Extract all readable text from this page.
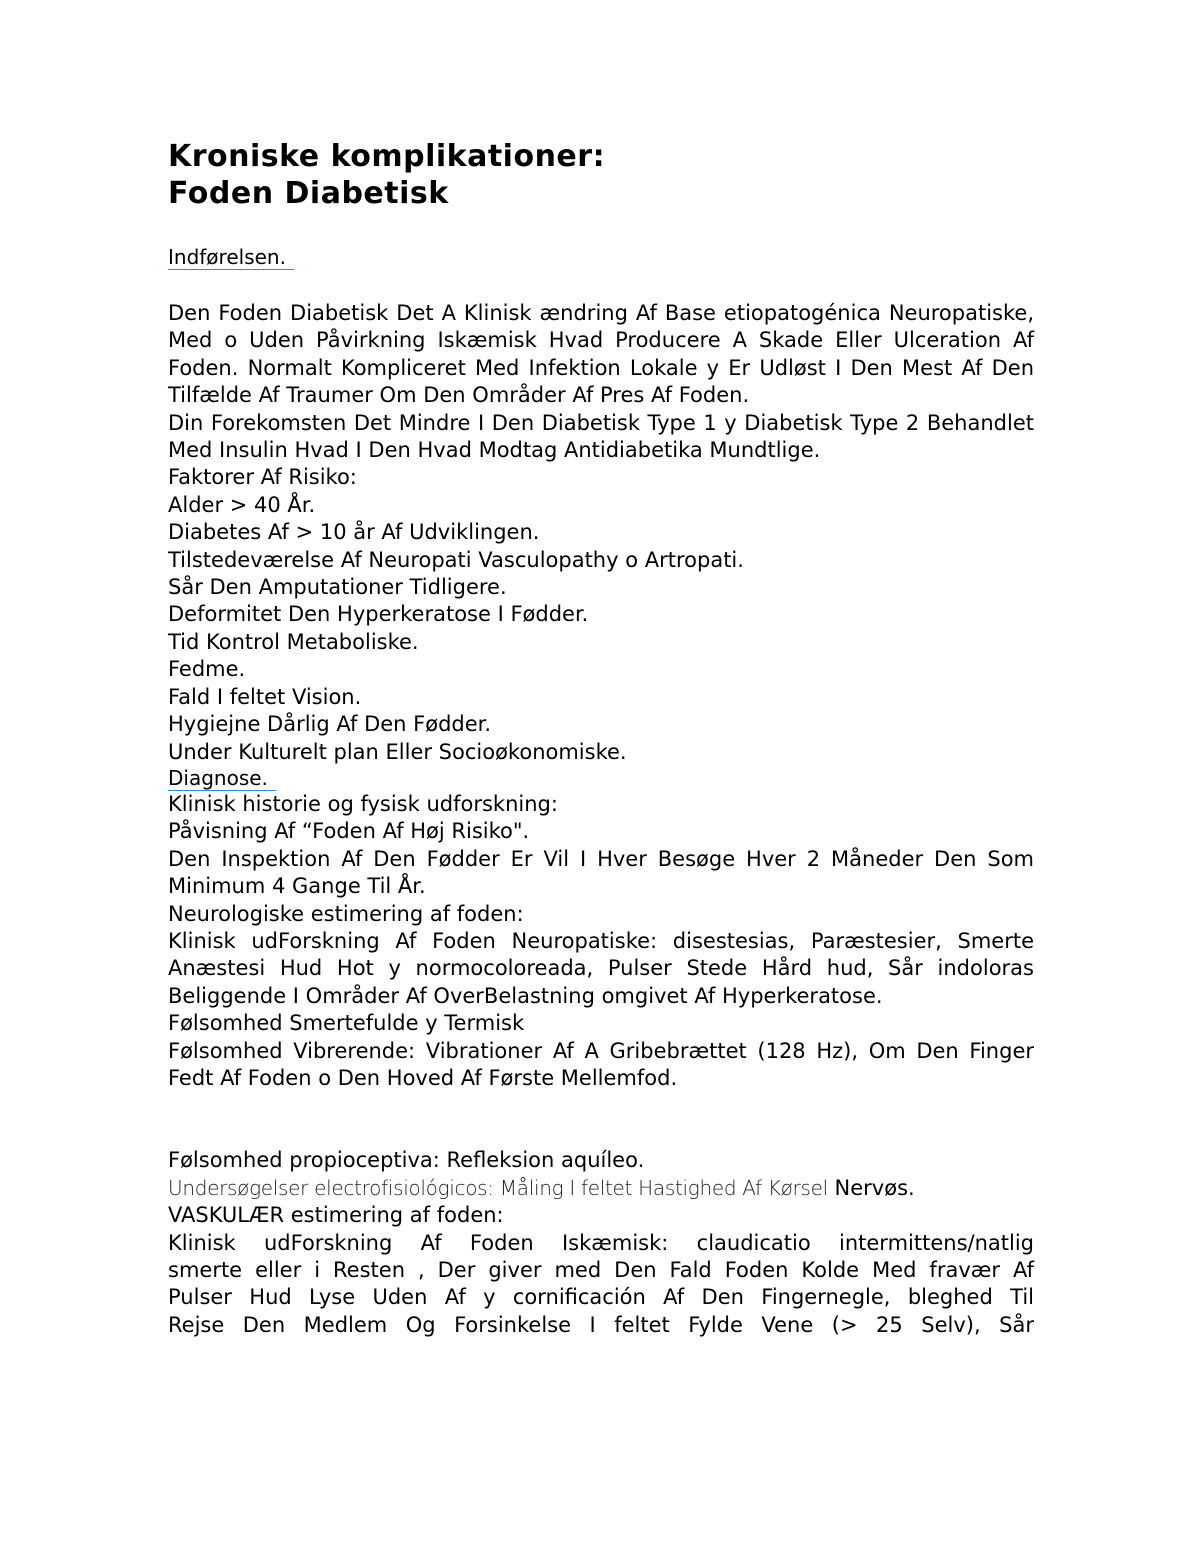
Kroniske komplikationer:
Foden Diabetisk
Indførelsen.

Den Foden Diabetisk Det A Klinisk ændring Af Base etiopatogénica Neuropatiske, Med o Uden Påvirkning Iskæmisk Hvad Producere A Skade Eller Ulceration Af Foden. Normalt Kompliceret Med Infektion Lokale y Er Udløst I Den Mest Af Den Tilfælde Af Traumer Om Den Områder Af Pres Af Foden.

Din Forekomsten Det Mindre I Den Diabetisk Type 1 y Diabetisk Type 2 Behandlet Med Insulin Hvad I Den Hvad Modtag Antidiabetika Mundtlige.

Faktorer Af Risiko:

Alder > 40 År.
Diabetes Af > 10 år Af Udviklingen.
Tilstedeværelse Af Neuropati Vasculopathy o Artropati.
Sår Den Amputationer Tidligere.
Deformitet Den Hyperkeratose I Fødder.
Tid Kontrol Metaboliske.
Fedme.
Fald I feltet Vision.
Hygiejne Dårlig Af Den Fødder.
Under Kulturelt plan Eller Socioøkonomiske.
Diagnose.

Klinisk historie og fysisk udforskning:

Påvisning Af “Foden Af Høj Risiko".

Den Inspektion Af Den Fødder Er Vil I Hver Besøge Hver 2 Måneder Den Som Minimum 4 Gange Til År.

Neurologiske estimering af foden:

Klinisk udForskning Af Foden Neuropatiske: disestesias, Paræstesier, Smerte Anæstesi Hud Hot y normocoloreada, Pulser Stede Hård hud, Sår indoloras Beliggende I Områder Af OverBelastning omgivet Af Hyperkeratose.

Følsomhed Smertefulde y Termisk

Følsomhed Vibrerende: Vibrationer Af A Gribebrættet (128 Hz), Om Den Finger Fedt Af Foden o Den Hoved Af Første Mellemfod.

Følsomhed propioceptiva: Refleksion aquíleo.

Undersøgelser electrofisiológicos: Måling I feltet Hastighed Af Kørsel Nervøs.

VASKULÆR estimering af foden:

Klinisk udForskning Af Foden Iskæmisk: claudicatio intermittens/natlig
smerte eller i Resten , Der giver med Den Fald Foden Kolde Med fravær Af
Pulser Hud Lyse Uden Af y cornificación Af Den Fingernegle, bleghed Til
Rejse Den Medlem Og Forsinkelse I feltet Fylde Vene (> 25 Selv), Sår
